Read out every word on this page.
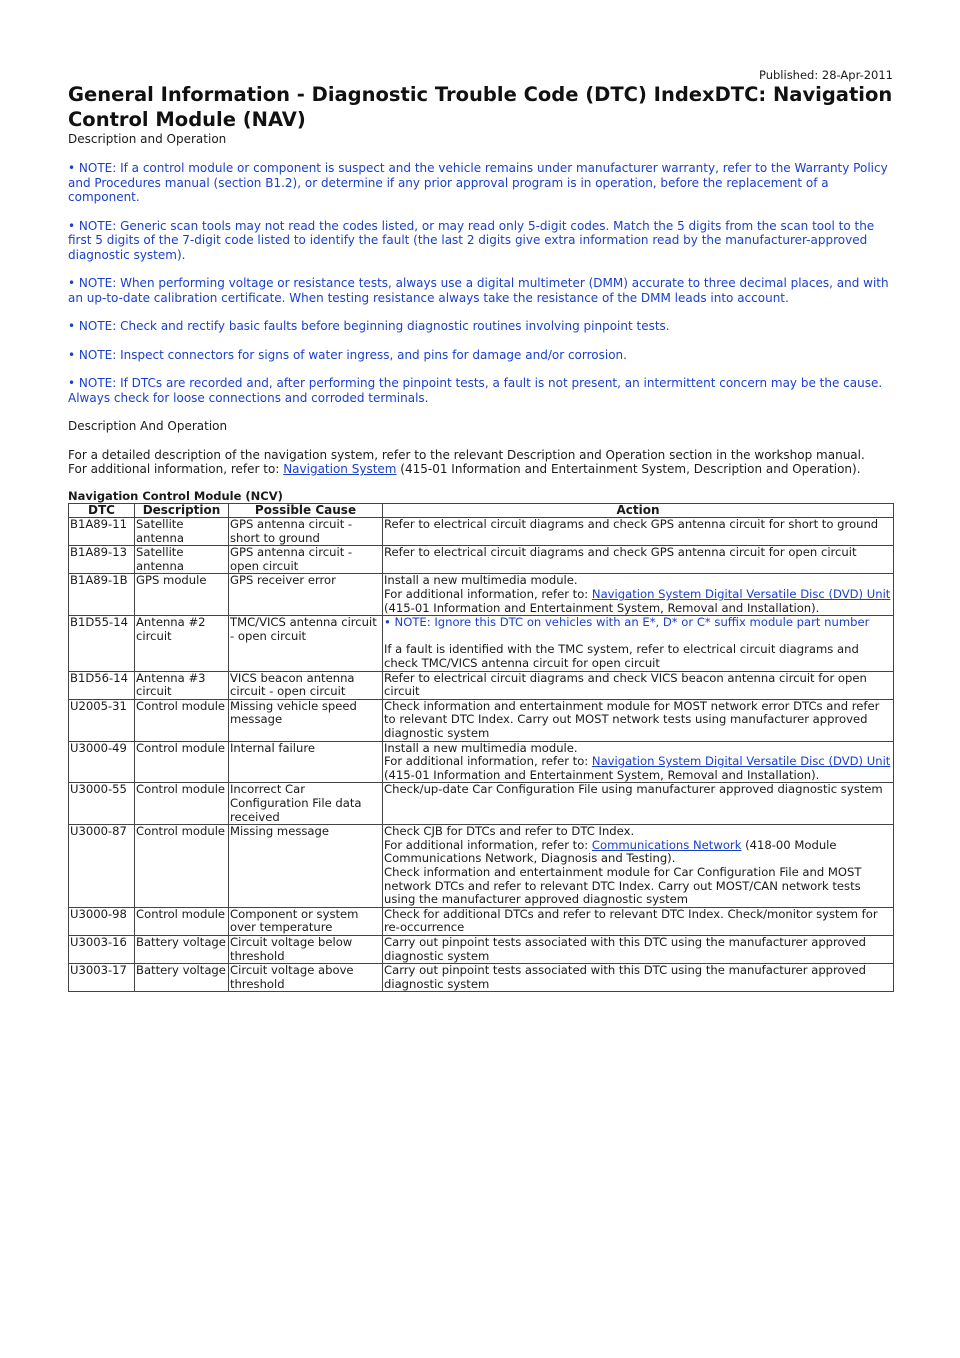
Published: 28-Apr-2011
General Information - Diagnostic Trouble Code (DTC) IndexDTC: Navigation Control Module (NAV)
Description and Operation
• NOTE: If a control module or component is suspect and the vehicle remains under manufacturer warranty, refer to the Warranty Policy and Procedures manual (section B1.2), or determine if any prior approval program is in operation, before the replacement of a component.
• NOTE: Generic scan tools may not read the codes listed, or may read only 5-digit codes. Match the 5 digits from the scan tool to the first 5 digits of the 7-digit code listed to identify the fault (the last 2 digits give extra information read by the manufacturer-approved diagnostic system).
• NOTE: When performing voltage or resistance tests, always use a digital multimeter (DMM) accurate to three decimal places, and with an up-to-date calibration certificate. When testing resistance always take the resistance of the DMM leads into account.
• NOTE: Check and rectify basic faults before beginning diagnostic routines involving pinpoint tests.
• NOTE: Inspect connectors for signs of water ingress, and pins for damage and/or corrosion.
• NOTE: If DTCs are recorded and, after performing the pinpoint tests, a fault is not present, an intermittent concern may be the cause. Always check for loose connections and corroded terminals.
Description And Operation
For a detailed description of the navigation system, refer to the relevant Description and Operation section in the workshop manual.
For additional information, refer to: Navigation System (415-01 Information and Entertainment System, Description and Operation).
Navigation Control Module (NCV)
DTC	Description	Possible Cause	Action
B1A89-11	Satellite antenna	GPS antenna circuit - short to ground	Refer to electrical circuit diagrams and check GPS antenna circuit for short to ground
B1A89-13	Satellite antenna	GPS antenna circuit - open circuit	Refer to electrical circuit diagrams and check GPS antenna circuit for open circuit
B1A89-1B	GPS module	GPS receiver error	Install a new multimedia module.
For additional information, refer to: Navigation System Digital Versatile Disc (DVD) Unit (415-01 Information and Entertainment System, Removal and Installation).
B1D55-14	Antenna #2 circuit	TMC/VICS antenna circuit - open circuit	• NOTE: Ignore this DTC on vehicles with an E*, D* or C* suffix module part number

If a fault is identified with the TMC system, refer to electrical circuit diagrams and check TMC/VICS antenna circuit for open circuit
B1D56-14	Antenna #3 circuit	VICS beacon antenna circuit - open circuit	Refer to electrical circuit diagrams and check VICS beacon antenna circuit for open circuit
U2005-31	Control module	Missing vehicle speed message	Check information and entertainment module for MOST network error DTCs and refer to relevant DTC Index. Carry out MOST network tests using manufacturer approved diagnostic system
U3000-49	Control module	Internal failure	Install a new multimedia module.
For additional information, refer to: Navigation System Digital Versatile Disc (DVD) Unit (415-01 Information and Entertainment System, Removal and Installation).
U3000-55	Control module	Incorrect Car Configuration File data received	Check/up-date Car Configuration File using manufacturer approved diagnostic system
U3000-87	Control module	Missing message	Check CJB for DTCs and refer to DTC Index.
For additional information, refer to: Communications Network (418-00 Module Communications Network, Diagnosis and Testing).
Check information and entertainment module for Car Configuration File and MOST network DTCs and refer to relevant DTC Index. Carry out MOST/CAN network tests using the manufacturer approved diagnostic system
U3000-98	Control module	Component or system over temperature	Check for additional DTCs and refer to relevant DTC Index. Check/monitor system for re-occurrence
U3003-16	Battery voltage	Circuit voltage below threshold	Carry out pinpoint tests associated with this DTC using the manufacturer approved diagnostic system
U3003-17	Battery voltage	Circuit voltage above threshold	Carry out pinpoint tests associated with this DTC using the manufacturer approved diagnostic system
